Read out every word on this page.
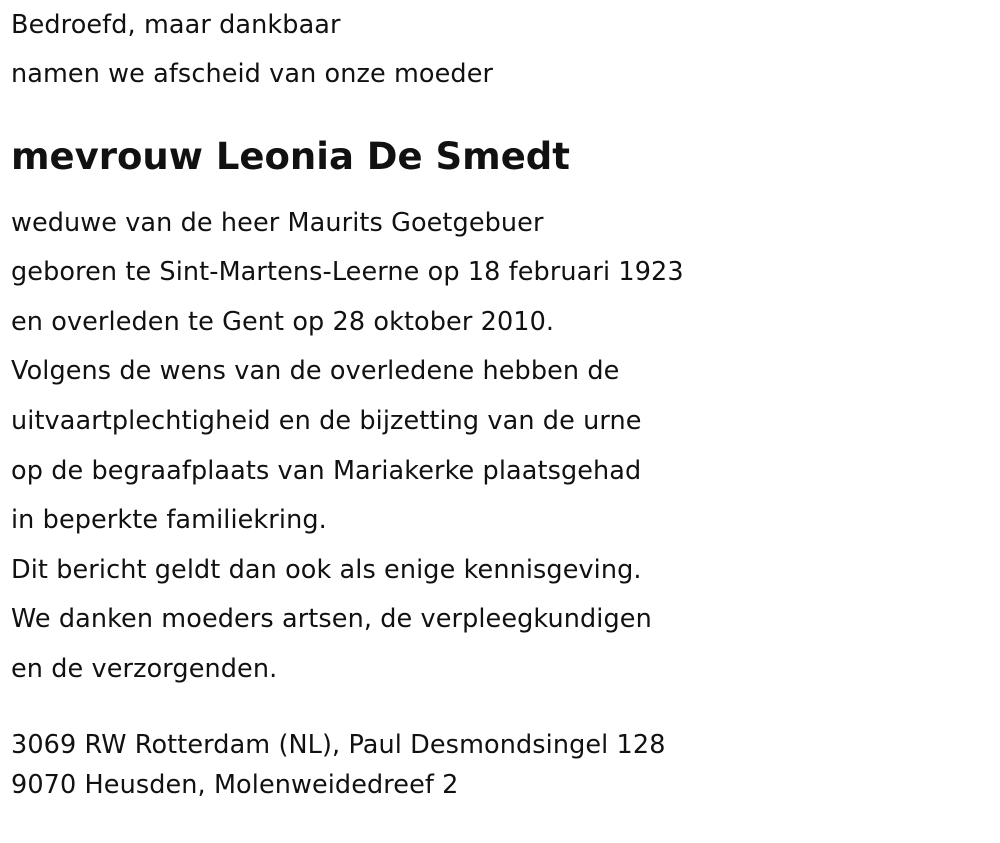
Bedroefd, maar dankbaar
namen we afscheid van onze moeder
mevrouw Leonia De Smedt
weduwe van de heer Maurits Goetgebuer
geboren te Sint-Martens-Leerne op 18 februari 1923
en overleden te Gent op 28 oktober 2010.
Volgens de wens van de overledene hebben de
uitvaartplechtigheid en de bijzetting van de urne
op de begraafplaats van Mariakerke plaatsgehad
in beperkte familiekring.
Dit bericht geldt dan ook als enige kennisgeving.
We danken moeders artsen, de verpleegkundigen
en de verzorgenden.
3069 RW Rotterdam (NL), Paul Desmondsingel 128
9070 Heusden, Molenweidedreef 2
